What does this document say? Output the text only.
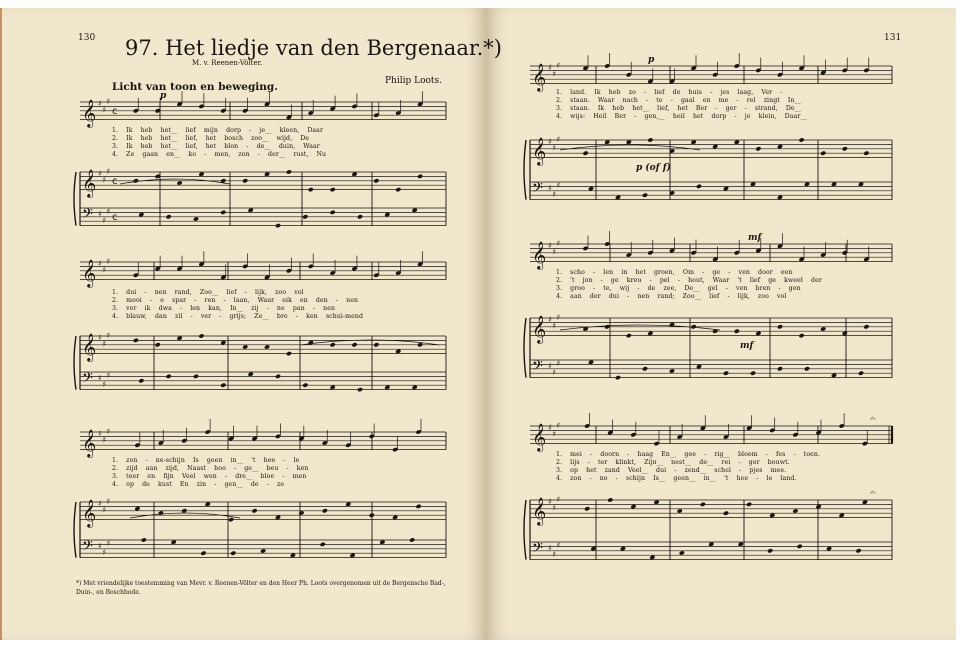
𝄞
𝄞
𝄢
♯
♯
♯
♯
♯
♯
♯
♯
♯
𝄞
𝄞
𝄢
♯
♯
♯
♯
♯
♯
♯
♯
♯
𝄞
𝄞
𝄢
♯
♯
♯
♯
♯
♯
♯
♯
♯
c
c
c
𝄞
𝄞
𝄢
♯
♯
♯
♯
♯
♯
♯
♯
♯
𝄞
𝄞
𝄢
♯
♯
♯
♯
♯
♯
♯
♯
♯
𝄞
𝄞
𝄢
♯
♯
♯
♯
♯
♯
♯
♯
♯
𝄐
𝄐
130	131
97. Het liedje van den Bergenaar.*)
M. v. Reenen-Völter.
Philip Loots.
Licht van toon en beweging.
p
1. Ik heb het__ lief mijn dorp - je__ kleen, Daar
2. Ik heb het__ lief, het bosch zoo__ wijd, De
3. Ik heb het__ lief, het blon - de__ duin, Waar
4. Ze gaan en__ ko - men, zon - der__ rust, Nu
1. dui - nen rand, Zoo__ lief - lijk, zoo vol
2. mooi - e spar - ren - laan, Waar eik en den - nen
3. ver ik dwa - len kan, In__ zij - ne pan - nen
4. blauw, dan zil - ver - grijs; Ze__ bre - ken schui-mend
1. zon - ne-schijn Is geen in__ 't hee - le
2. zijd aan zijd, Naast hoo - ge__ beu - ken
3. teer en fijn Veel wen - dre__ bloe - men
4. op de kust En zin - gen__ de - ze
1. land. Ik heb zo - lief de huis - jes laag, Ver -
2. staan. Waar nach - te - gaal en me - rel zingt In__
3. staan. Ik heb het__ lief, het Ber - ger - strand, De__
4. wijs: Heil Ber - gen,__ heil het dorp - je klein, Daar__
1. scho - len in het groen, Om - ge - ven door een
2. 't jon - ge kreu - pel - hout, Waar 't lief ge kweel der
3. groo - te, wij - de zee, De__ gel - ven bren - gen
4. aan der dui - nen rand; Zoo__ lief - lijk, zoo vol
1. mei - doorn - haag En__ gee - rig__ bloem - fes - toen.
2. lijs - ter klinkt, Zijn__ nest__ de__ rei - ger bouwt.
3. op het zand Veel__ dui - zend__ schel - pjes mee.
4. zon - ne - schijn Is__ geen__ in__ 't hee - le land.
p
p (of f)
mf
mf
*) Met vriendelijke toestemming van Mevr. v. Reenen-Völter en den Heer Ph. Loots overgenomen uit de Bergensche Bad-, Duin-, en Boschbode.
